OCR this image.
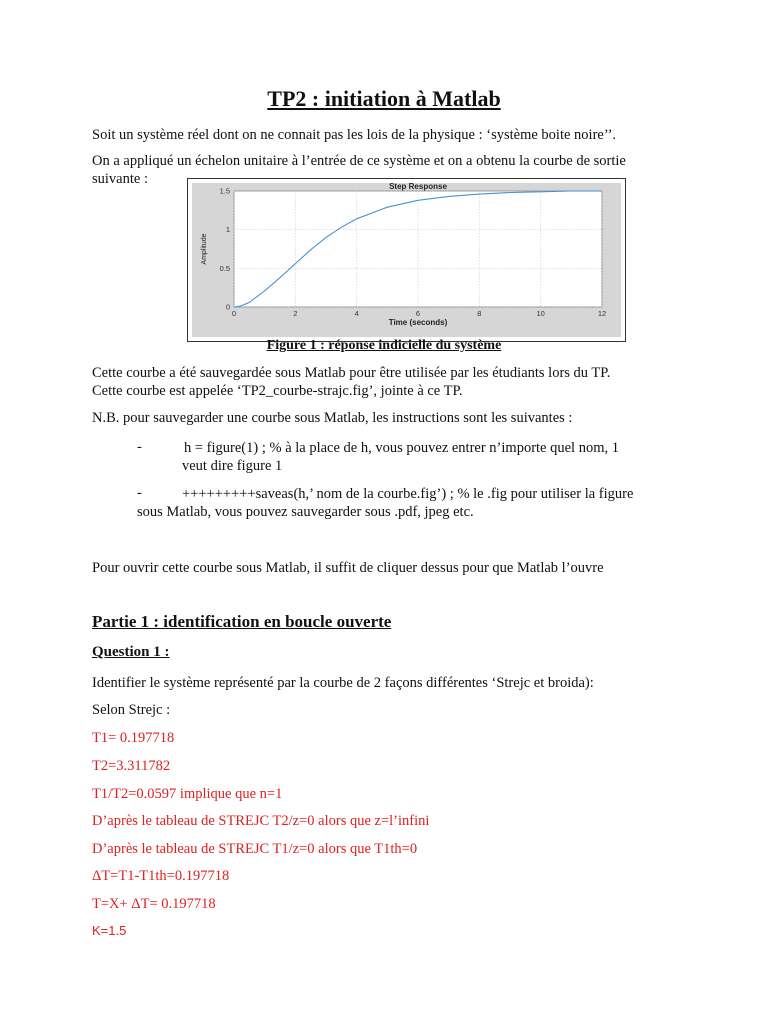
TP2 : initiation à Matlab

Soit un système réel dont on ne connait pas les lois de la physique : ‘système boite noire’’.

On a appliqué un échelon unitaire à l’entrée de ce système et on a obtenu la courbe de sortie

suivante :

0	2	4	6	8	10	12
0
0.5
1
1.5	Step Response
Time (seconds)
Amplitude
Figure 1 : réponse indicielle du système

Cette courbe a été sauvegardée sous Matlab pour être utilisée par les étudiants lors du TP.

Cette courbe est appelée ‘TP2_courbe-strajc.fig’, jointe à ce TP.

N.B. pour sauvegarder une courbe sous Matlab, les instructions sont les suivantes :

-	h = figure(1) ; % à la place de h, vous pouvez entrer n’importe quel nom, 1

veut dire figure 1

-	+++++++++saveas(h,’ nom de la courbe.fig’) ; % le .fig pour utiliser la figure

sous Matlab, vous pouvez sauvegarder sous .pdf, jpeg etc.

Pour ouvrir cette courbe sous Matlab, il suffit de cliquer dessus pour que Matlab l’ouvre

Partie 1 : identification en boucle ouverte
Question 1 :

Identifier le système représenté par la courbe de 2 façons différentes ‘Strejc et broida):

Selon Strejc :

T1= 0.197718

T2=3.311782

T1/T2=0.0597 implique que n=1

D’après le tableau de STREJC T2/z=0 alors que z=l’infini

D’après le tableau de STREJC T1/z=0 alors que T1th=0

ΔT=T1-T1th=0.197718

T=X+ ΔT= 0.197718

K=1.5
